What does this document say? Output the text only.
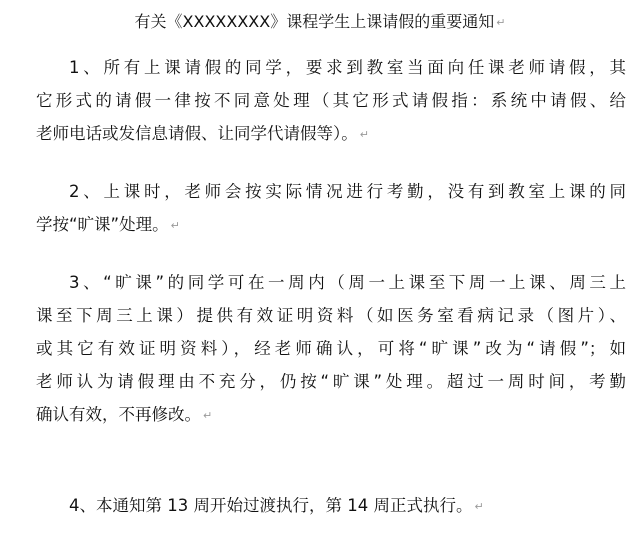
有关《XXXXXXXX》课程学生上课请假的重要通知 ↵
1、所有上课请假的同学，要求到教室当面向任课老师请假，其
它形式的请假一律按不同意处理（其它形式请假指：系统中请假、给
老师电话或发信息请假、让同学代请假等）。 ↵
2、上课时，老师会按实际情况进行考勤，没有到教室上课的同
学按“旷课”处理。 ↵
3、“旷课”的同学可在一周内（周一上课至下周一上课、周三上
课至下周三上课）提供有效证明资料（如医务室看病记录（图片）、
或其它有效证明资料），经老师确认，可将“旷课”改为“请假”；如
老师认为请假理由不充分，仍按“旷课”处理。超过一周时间，考勤
确认有效，不再修改。 ↵
4、本通知第 13 周开始过渡执行，第 14 周正式执行。 ↵
